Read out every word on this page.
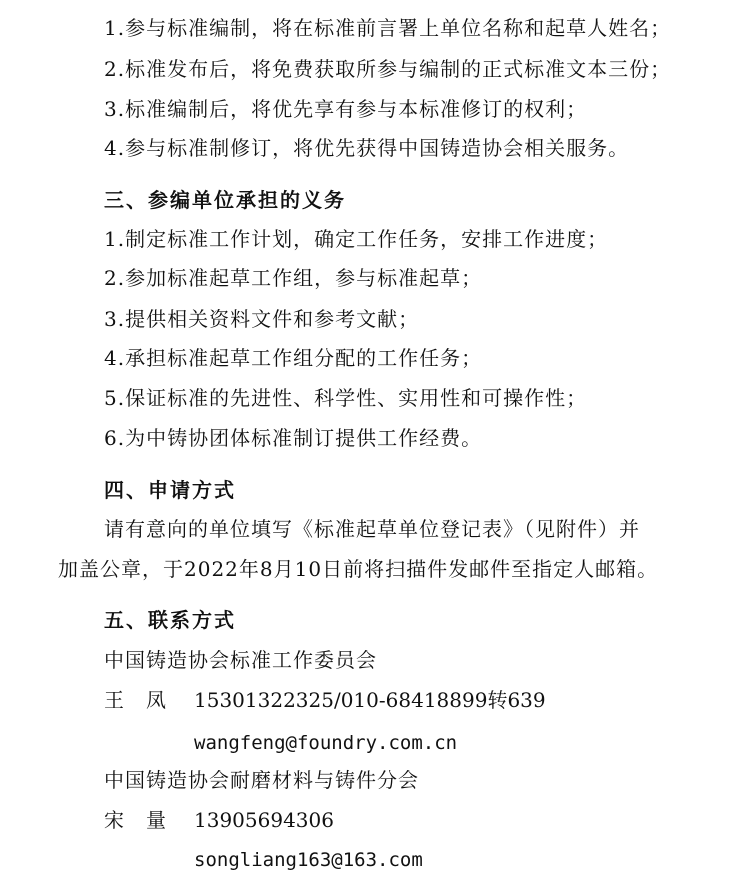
1.参与标准编制，将在标准前言署上单位名称和起草人姓名；
2.标准发布后，将免费获取所参与编制的正式标准文本三份；
3.标准编制后，将优先享有参与本标准修订的权利；
4.参与标准制修订，将优先获得中国铸造协会相关服务。
三、参编单位承担的义务
1.制定标准工作计划，确定工作任务，安排工作进度；
2.参加标准起草工作组，参与标准起草；
3.提供相关资料文件和参考文献；
4.承担标准起草工作组分配的工作任务；
5.保证标准的先进性、科学性、实用性和可操作性；
6.为中铸协团体标准制订提供工作经费。
四、申请方式
请有意向的单位填写《标准起草单位登记表》（见附件）并
加盖公章，于2022年8月10日前将扫描件发邮件至指定人邮箱。
五、联系方式
中国铸造协会标准工作委员会
王凤 15301322325/010-68418899转639
wangfeng@foundry.com.cn
中国铸造协会耐磨材料与铸件分会
宋量 13905694306
songliang163@163.com
